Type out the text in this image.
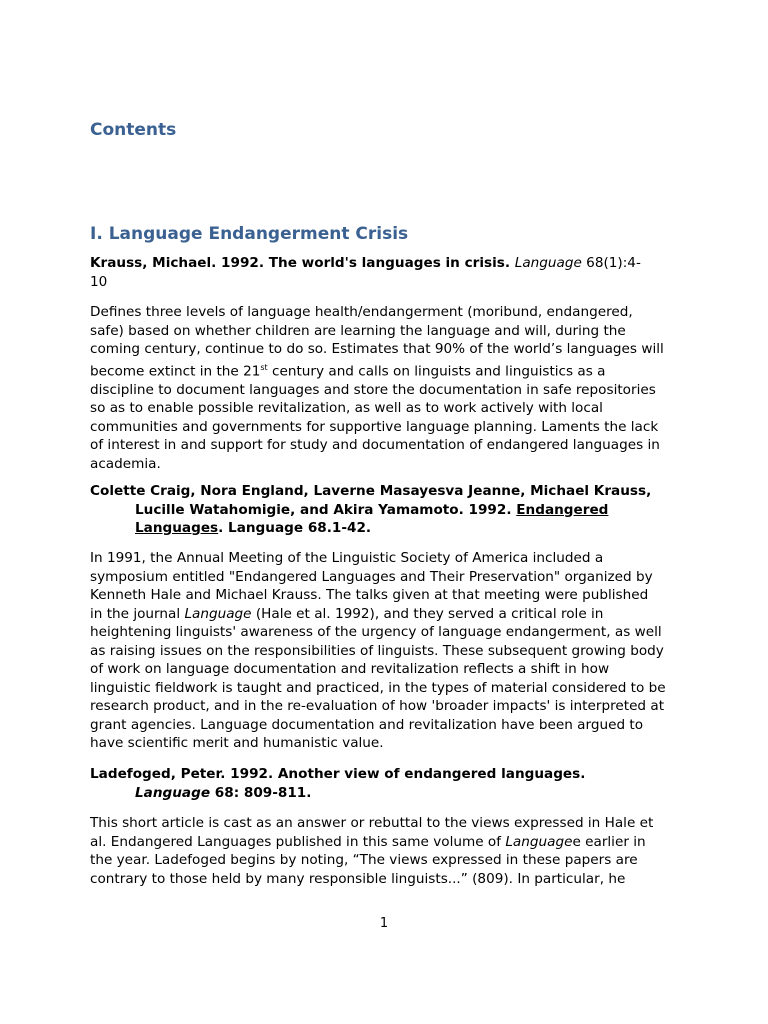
Contents
I. Language Endangerment Crisis
Krauss, Michael. 1992. The world's languages in crisis. Language 68(1):4-
10
Defines three levels of language health/endangerment (moribund, endangered,
safe) based on whether children are learning the language and will, during the
coming century, continue to do so. Estimates that 90% of the world’s languages will
become extinct in the 21st century and calls on linguists and linguistics as a
discipline to document languages and store the documentation in safe repositories
so as to enable possible revitalization, as well as to work actively with local
communities and governments for supportive language planning. Laments the lack
of interest in and support for study and documentation of endangered languages in
academia.
Colette Craig, Nora England, Laverne Masayesva Jeanne, Michael Krauss,
Lucille Watahomigie, and Akira Yamamoto. 1992. Endangered
Languages. Language 68.1-42.
In 1991, the Annual Meeting of the Linguistic Society of America included a
symposium entitled "Endangered Languages and Their Preservation" organized by
Kenneth Hale and Michael Krauss. The talks given at that meeting were published
in the journal Language (Hale et al. 1992), and they served a critical role in
heightening linguists' awareness of the urgency of language endangerment, as well
as raising issues on the responsibilities of linguists. These subsequent growing body
of work on language documentation and revitalization reflects a shift in how
linguistic fieldwork is taught and practiced, in the types of material considered to be
research product, and in the re-evaluation of how 'broader impacts' is interpreted at
grant agencies. Language documentation and revitalization have been argued to
have scientific merit and humanistic value.
Ladefoged, Peter. 1992. Another view of endangered languages.
Language 68: 809-811.
This short article is cast as an answer or rebuttal to the views expressed in Hale et
al. Endangered Languages published in this same volume of Languagee earlier in
the year. Ladefoged begins by noting, “The views expressed in these papers are
contrary to those held by many responsible linguists...” (809). In particular, he
1
